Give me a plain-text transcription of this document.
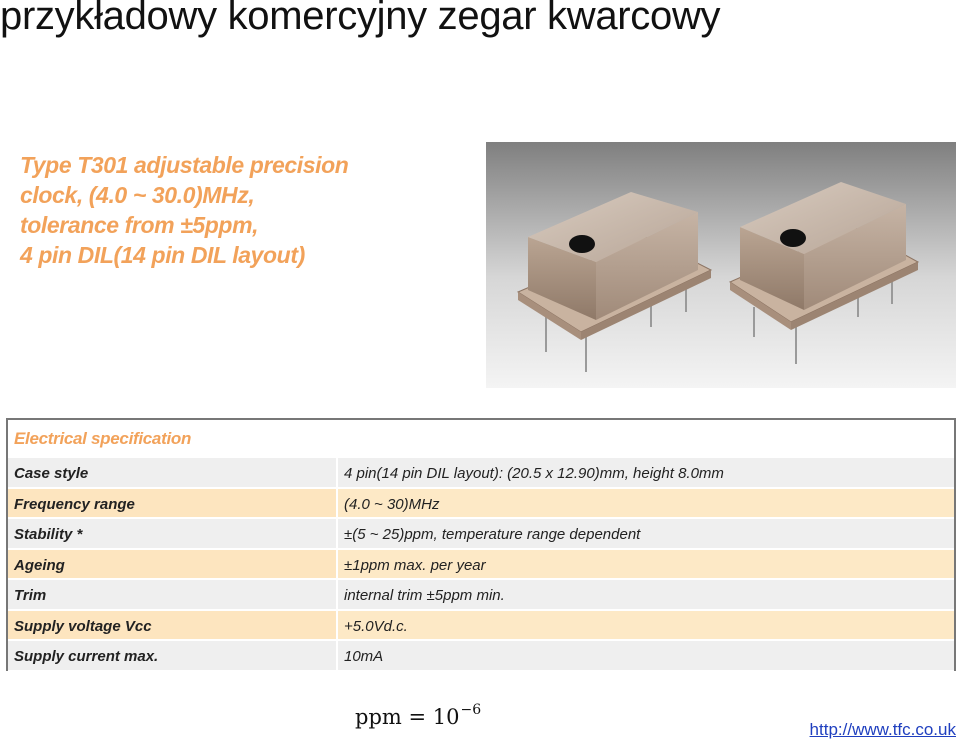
przykładowy komercyjny zegar kwarcowy
Type T301 adjustable precision
clock, (4.0 ~ 30.0)MHz,
tolerance from ±5ppm,
4 pin DIL(14 pin DIL layout)
Electrical specification
Case style	4 pin(14 pin DIL layout): (20.5 x 12.90)mm, height 8.0mm
Frequency range	(4.0 ~ 30)MHz
Stability *	±(5 ~ 25)ppm, temperature range dependent
Ageing	±1ppm max. per year
Trim	internal trim ±5ppm min.
Supply voltage Vcc	+5.0Vd.c.
Supply current max.	10mA
ppm = $10^{-6}$
http://www.tfc.co.uk
